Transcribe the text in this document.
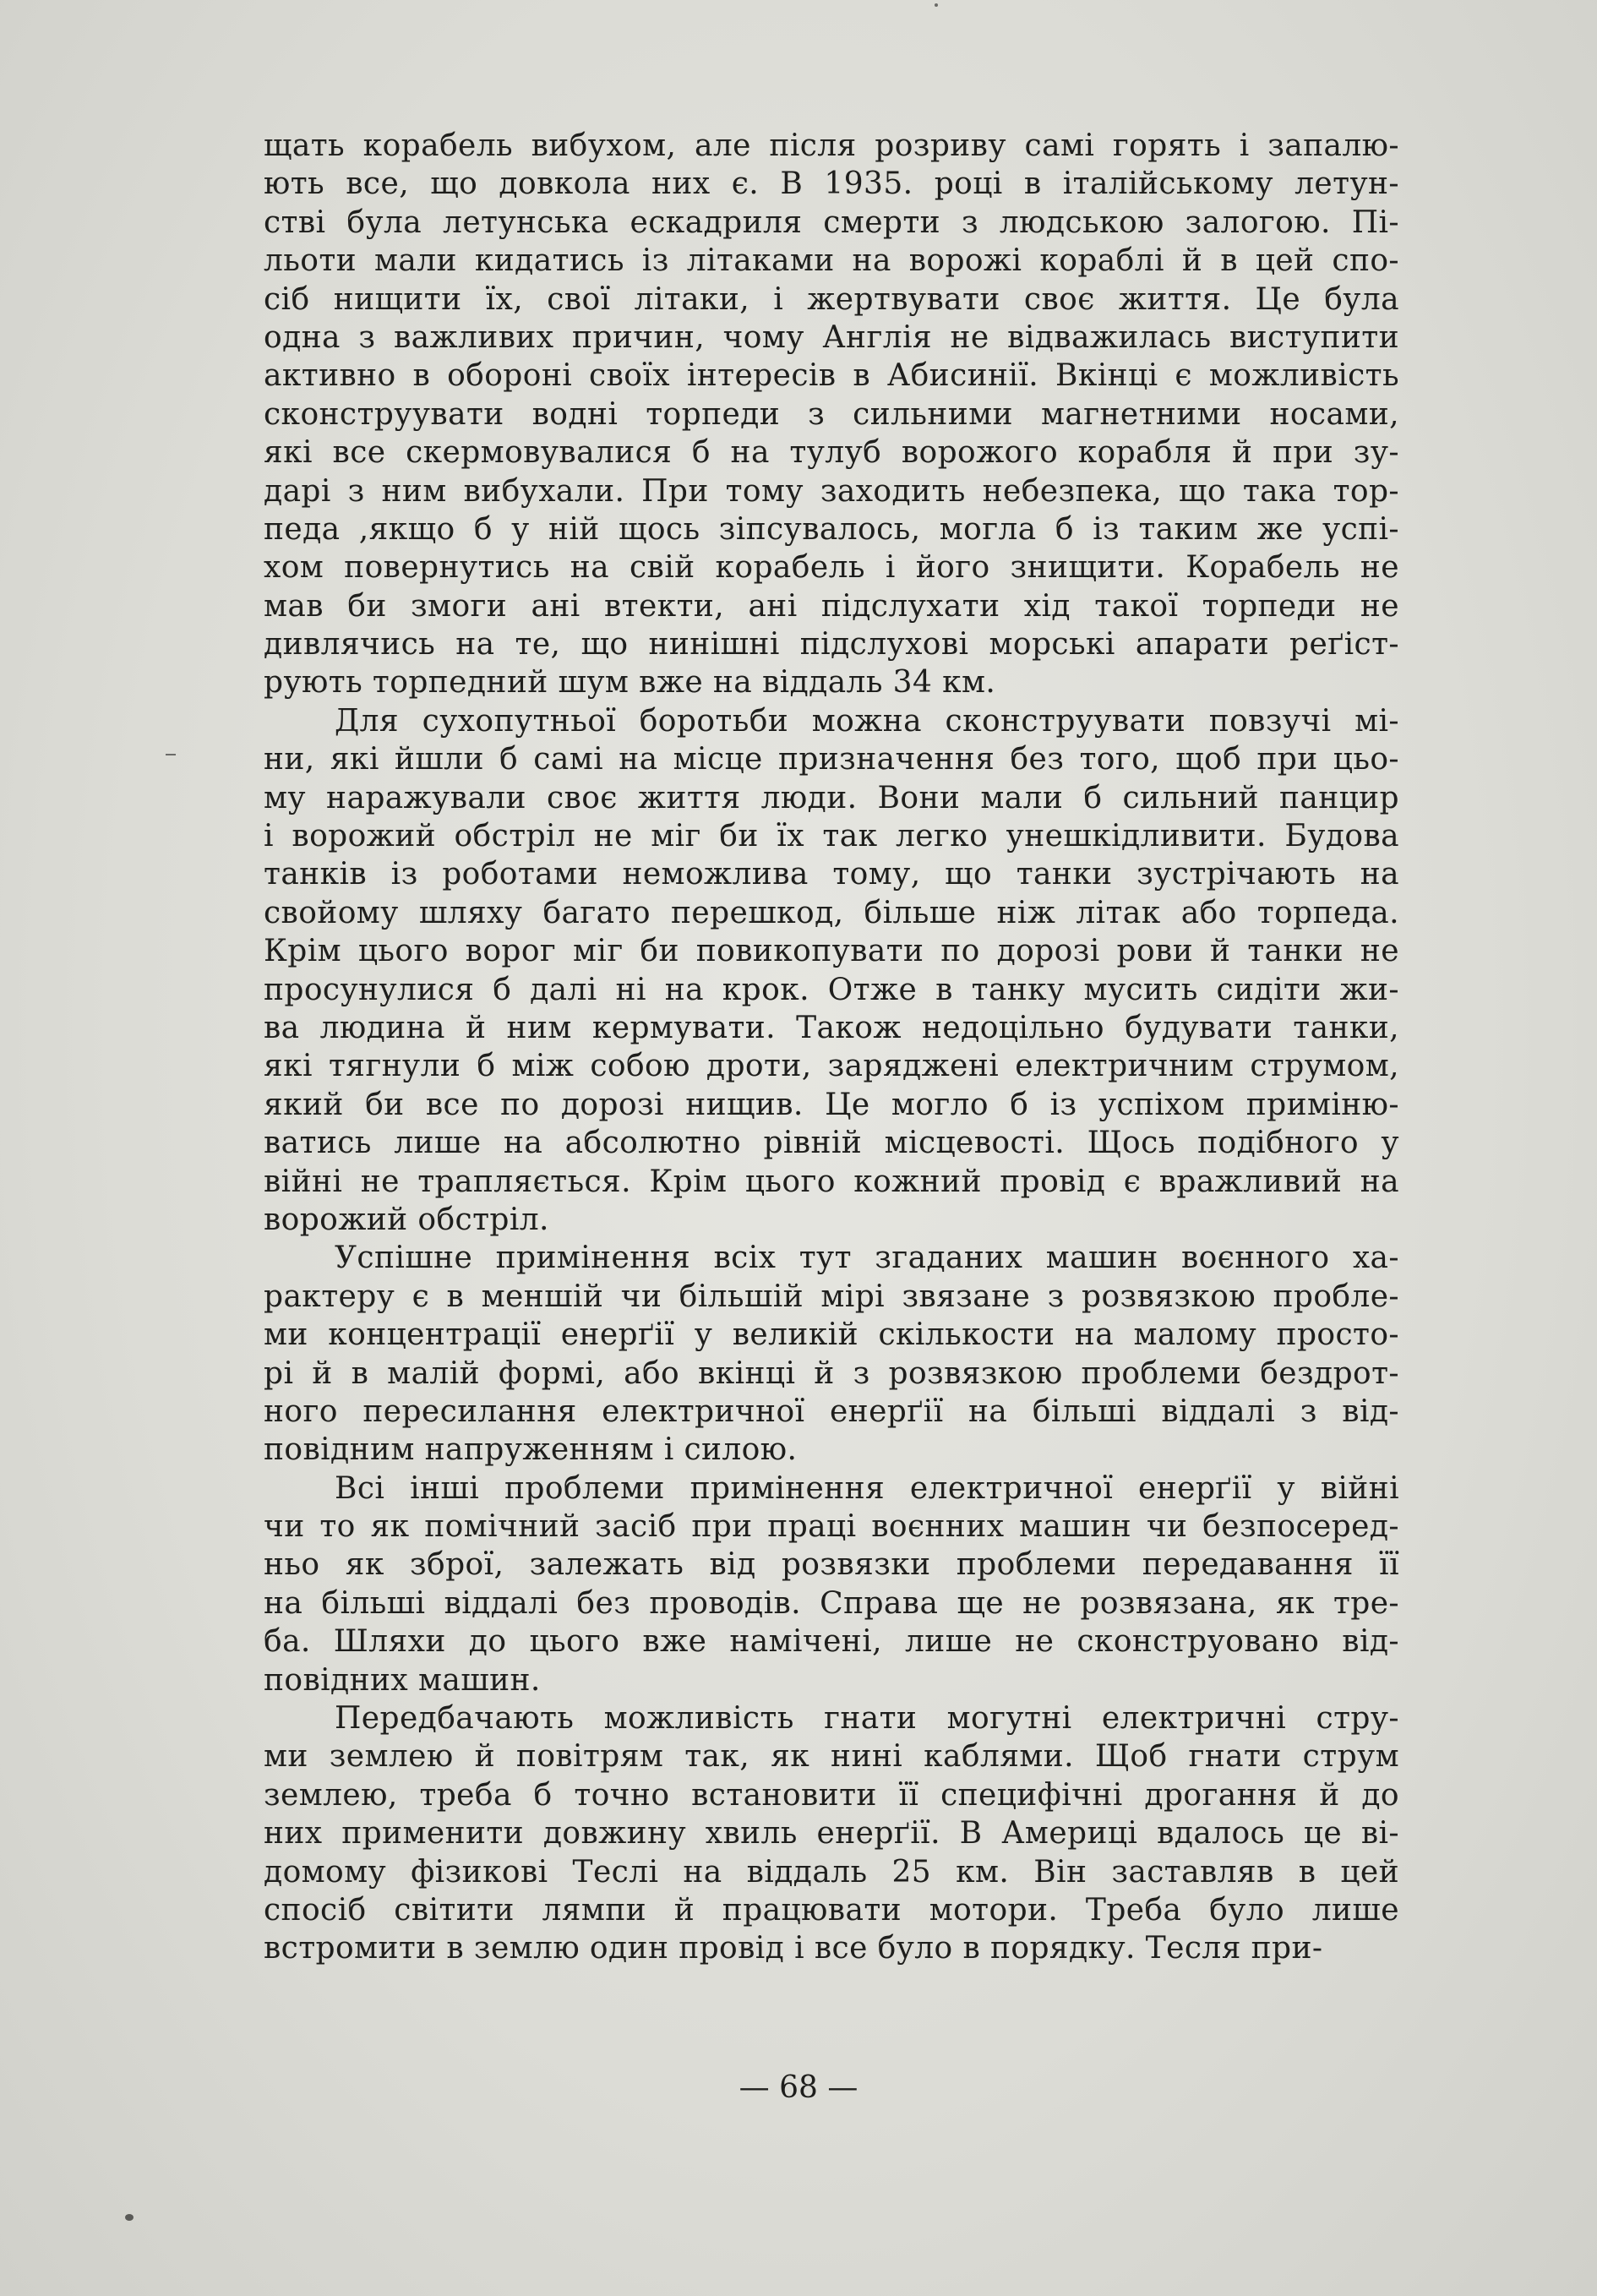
щать корабель вибухом, але після розриву самі горять і запалю-
ють все, що довкола них є. В 1935. році в італійському летун-
стві була летунська ескадриля смерти з людською залогою. Пі-
льоти мали кидатись із літаками на ворожі кораблі й в цей спо-
сіб нищити їх, свої літаки, і жертвувати своє життя. Це була
одна з важливих причин, чому Англія не відважилась виступити
активно в обороні своїх інтересів в Абисинії. Вкінці є можливість
сконструувати водні торпеди з сильними магнетними носами,
які все скермовувалися б на тулуб ворожого корабля й при зу-
дарі з ним вибухали. При тому заходить небезпека, що така тор-
педа ,якщо б у ній щось зіпсувалось, могла б із таким же успі-
хом повернутись на свій корабель і його знищити. Корабель не
мав би змоги ані втекти, ані підслухати хід такої торпеди не
дивлячись на те, що нинішні підслухові морські апарати реґіст-
рують торпедний шум вже на віддаль 34 км.
Для сухопутньої боротьби можна сконструувати повзучі мі-
ни, які йшли б самі на місце призначення без того, щоб при цьо-
му наражували своє життя люди. Вони мали б сильний панцир
і ворожий обстріл не міг би їх так легко унешкідливити. Будова
танків із роботами неможлива тому, що танки зустрічають на
свойому шляху багато перешкод, більше ніж літак або торпеда.
Крім цього ворог міг би повикопувати по дорозі рови й танки не
просунулися б далі ні на крок. Отже в танку мусить сидіти жи-
ва людина й ним кермувати. Також недоцільно будувати танки,
які тягнули б між собою дроти, заряджені електричним струмом,
який би все по дорозі нищив. Це могло б із успіхом приміню-
ватись лише на абсолютно рівній місцевості. Щось подібного у
війні не трапляється. Крім цього кожний провід є вражливий на
ворожий обстріл.
Успішне примінення всіх тут згаданих машин воєнного ха-
рактеру є в меншій чи більшій мірі звязане з розвязкою пробле-
ми концентрації енерґії у великій скількости на малому просто-
рі й в малій формі, або вкінці й з розвязкою проблеми бездрот-
ного пересилання електричної енерґії на більші віддалі з від-
повідним напруженням і силою.
Всі інші проблеми примінення електричної енерґії у війні
чи то як помічний засіб при праці воєнних машин чи безпосеред-
ньо як зброї, залежать від розвязки проблеми передавання її
на більші віддалі без проводів. Справа ще не розвязана, як тре-
ба. Шляхи до цього вже намічені, лише не сконструовано від-
повідних машин.
Передбачають можливість гнати могутні електричні стру-
ми землею й повітрям так, як нині каблями. Щоб гнати струм
землею, треба б точно встановити її специфічні дрогання й до
них применити довжину хвиль енерґії. В Америці вдалось це ві-
домому фізикові Теслі на віддаль 25 км. Він заставляв в цей
спосіб світити лямпи й працювати мотори. Треба було лише
встромити в землю один провід і все було в порядку. Тесля при-
— 68 —
